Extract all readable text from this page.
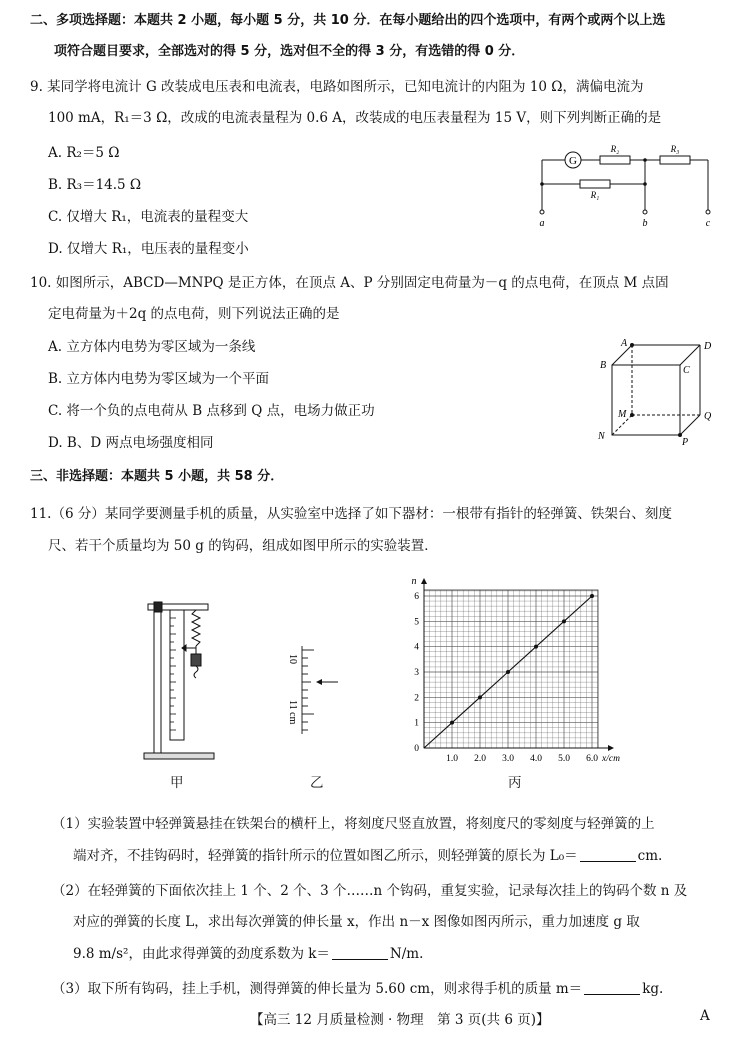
二、多项选择题：本题共 2 小题，每小题 5 分，共 10 分．在每小题给出的四个选项中，有两个或两个以上选
项符合题目要求，全部选对的得 5 分，选对但不全的得 3 分，有选错的得 0 分．
9. 某同学将电流计 G 改装成电压表和电流表，电路如图所示，已知电流计的内阻为 10 Ω，满偏电流为
100 mA，R₁＝3 Ω，改成的电流表量程为 0.6 A，改装成的电压表量程为 15 V，则下列判断正确的是
A. R₂＝5 Ω
B. R₃＝14.5 Ω
C. 仅增大 R₁，电流表的量程变大
D. 仅增大 R₁，电压表的量程变小
G
R₂	R₃
R₁
a	b	c
10. 如图所示，ABCD—MNPQ 是正方体，在顶点 A、P 分别固定电荷量为－q 的点电荷，在顶点 M 点固
定电荷量为＋2q 的点电荷，则下列说法正确的是
A. 立方体内电势为零区域为一条线
B. 立方体内电势为零区域为一个平面
C. 将一个负的点电荷从 B 点移到 Q 点，电场力做正功
D. B、D 两点电场强度相同
A	D
B	C
M	Q
N
P
三、非选择题：本题共 5 小题，共 58 分．
11.（6 分）某同学要测量手机的质量，从实验室中选择了如下器材：一根带有指针的轻弹簧、铁架台、刻度
尺、若干个质量均为 50 g 的钩码，组成如图甲所示的实验装置．
甲
10
11 cm
乙
1.0 2.0 3.0 4.0 5.0 6.0
1
2
3
4
5
6
0
x/cm
n
丙
（1）实验装置中轻弹簧悬挂在铁架台的横杆上，将刻度尺竖直放置，将刻度尺的零刻度与轻弹簧的上
端对齐，不挂钩码时，轻弹簧的指针所示的位置如图乙所示，则轻弹簧的原长为 L₀＝	cm.
（2）在轻弹簧的下面依次挂上 1 个、2 个、3 个……n 个钩码，重复实验，记录每次挂上的钩码个数 n 及
对应的弹簧的长度 L，求出每次弹簧的伸长量 x，作出 n－x 图像如图丙所示，重力加速度 g 取
9.8 m/s²，由此求得弹簧的劲度系数为 k＝	N/m.
（3）取下所有钩码，挂上手机，测得弹簧的伸长量为 5.60 cm，则求得手机的质量 m＝	kg.
【高三 12 月质量检测 · 物理　第 3 页(共 6 页)】	A
